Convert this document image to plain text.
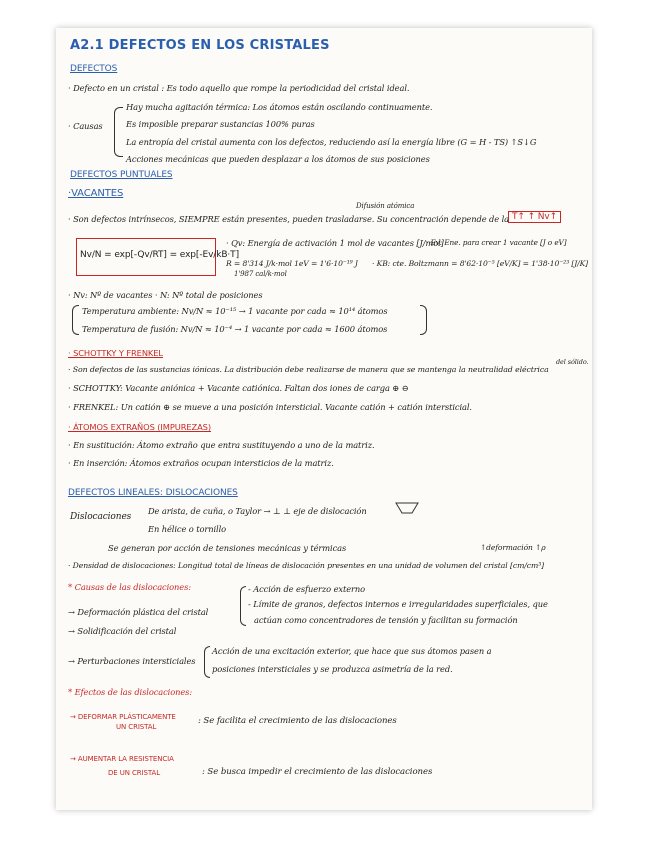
A2.1 DEFECTOS EN LOS CRISTALES
DEFECTOS
· Defecto en un cristal : Es todo aquello que rompe la periodicidad del cristal ideal.
· Causas
Hay mucha agitación térmica: Los átomos están oscilando continuamente.
Es imposible preparar sustancias 100% puras
La entropía del cristal aumenta con los defectos, reduciendo así la energía libre (G = H - TS) ↑S↓G
Acciones mecánicas que pueden desplazar a los átomos de sus posiciones
DEFECTOS PUNTUALES
·VACANTES
Difusión atómica
· Son defectos intrínsecos, SIEMPRE están presentes, pueden trasladarse. Su concentración depende de la T↑ ↑ Nv↑
Nv/N = exp[-Qv/RT] = exp[-Ev/kB·T]
· Qv: Energía de activación 1 mol de vacantes [J/mol]
· Ev: Ene. para crear 1 vacante [J o eV]
R = 8'314 J/k·mol 1eV = 1'6·10⁻¹⁹ J
1'987 cal/k·mol
· KB: cte. Boltzmann = 8'62·10⁻⁵ [eV/K] = 1'38·10⁻²³ [J/K]
· Nv: Nº de vacantes · N: Nº total de posiciones
Temperatura ambiente: Nv/N ≈ 10⁻¹⁵ → 1 vacante por cada ≈ 10¹⁴ átomos
Temperatura de fusión: Nv/N ≈ 10⁻⁴ → 1 vacante por cada ≈ 1600 átomos
· SCHOTTKY Y FRENKEL
· Son defectos de las sustancias iónicas. La distribución debe realizarse de manera que se mantenga la neutralidad eléctrica
del sólido.
· SCHOTTKY: Vacante aniónica + Vacante catiónica. Faltan dos iones de carga ⊕ ⊖
· FRENKEL: Un catión ⊕ se mueve a una posición intersticial. Vacante catión + catión intersticial.
· ÁTOMOS EXTRAÑOS (IMPUREZAS)
· En sustitución: Átomo extraño que entra sustituyendo a uno de la matriz.
· En inserción: Átomos extraños ocupan intersticios de la matriz.
DEFECTOS LINEALES: DISLOCACIONES
Dislocaciones
De arista, de cuña, o Taylor → ⊥ ⊥ eje de dislocación
En hélice o tornillo
Se generan por acción de tensiones mecánicas y térmicas	↑deformación ↑ρ
· Densidad de dislocaciones: Longitud total de líneas de dislocación presentes en una unidad de volumen del cristal [cm/cm³]
* Causas de las dislocaciones:	- Acción de esfuerzo externo
- Límite de granos, defectos internos e irregularidades superficiales, que
actúan como concentradores de tensión y facilitan su formación
→ Deformación plástica del cristal
→ Solidificación del cristal
→ Perturbaciones intersticiales
Acción de una excitación exterior, que hace que sus átomos pasen a
posiciones intersticiales y se produzca asimetría de la red.
* Efectos de las dislocaciones:
→ DEFORMAR PLÁSTICAMENTE
UN CRISTAL
: Se facilita el crecimiento de las dislocaciones
→ AUMENTAR LA RESISTENCIA
DE UN CRISTAL	: Se busca impedir el crecimiento de las dislocaciones
